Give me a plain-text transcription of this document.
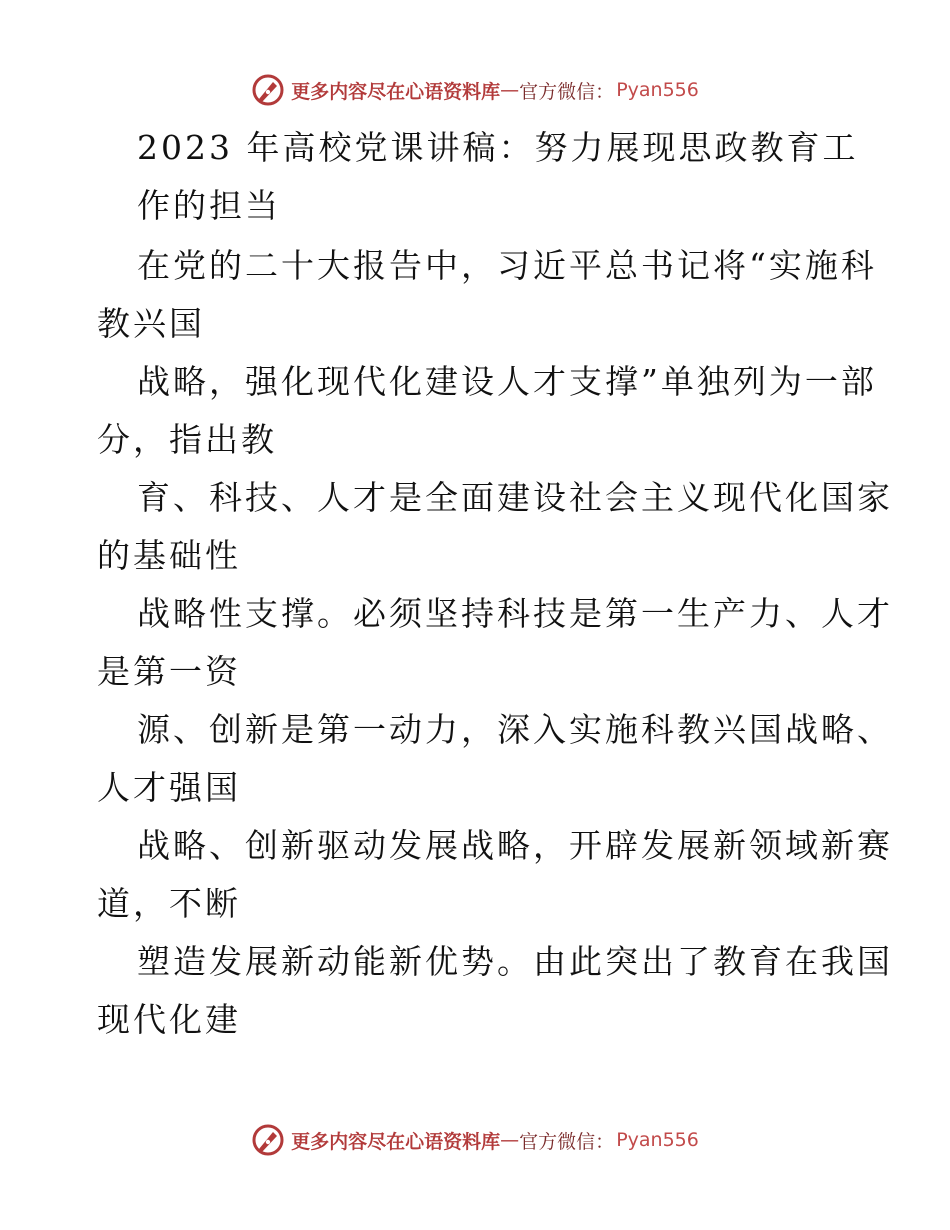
更多内容尽在心语资料库 — 官方微信： Pyan556
2023 年高校党课讲稿：努力展现思政教育工
作的担当
在党的二十大报告中，习近平总书记将“实施科
教兴国
战略，强化现代化建设人才支撑”单独列为一部
分，指出教
育、科技、人才是全面建设社会主义现代化国家
的基础性
战略性支撑。必须坚持科技是第一生产力、人才
是第一资
源、创新是第一动力，深入实施科教兴国战略、
人才强国
战略、创新驱动发展战略，开辟发展新领域新赛
道，不断
塑造发展新动能新优势。由此突出了教育在我国
现代化建
更多内容尽在心语资料库 — 官方微信： Pyan556
